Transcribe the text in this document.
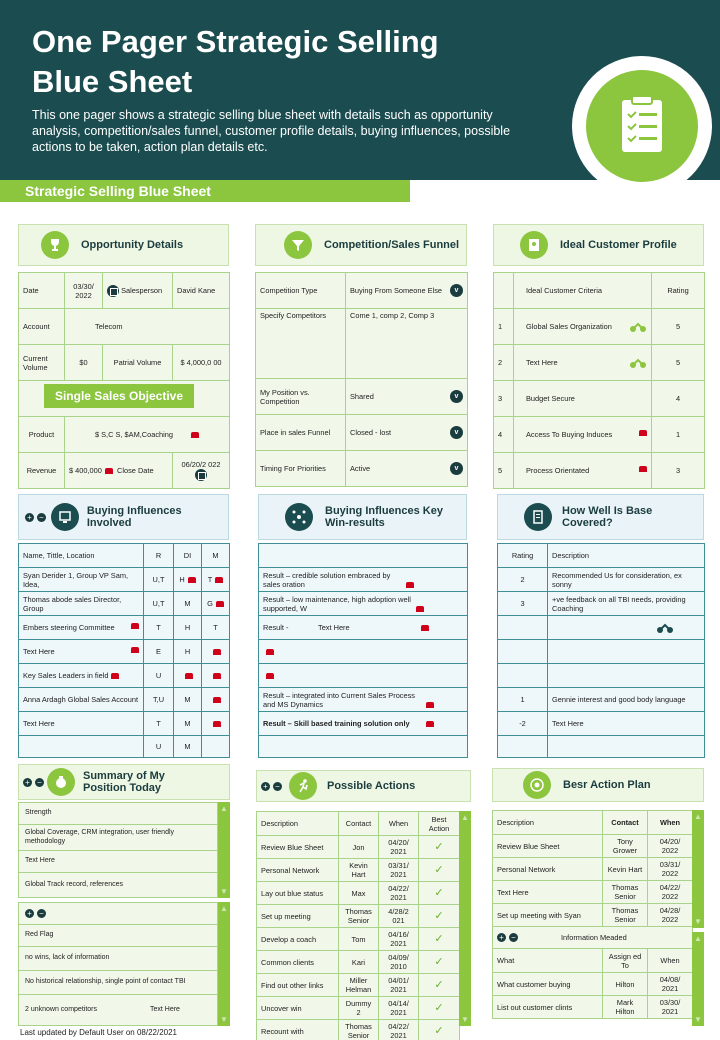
One Pager Strategic Selling Blue Sheet
This one pager shows a strategic selling blue sheet with details such as opportunity analysis, competition/sales funnel, customer profile details, buying influences, possible actions to be taken, action plan details etc.
Strategic Selling Blue Sheet
Opportunity Details
Date	03/30/ 2022	Salesperson	David Kane
Account	Telecom		
Current Volume	$0	Patrial Volume	$ 4,000,0 00

Product	$ S,C S, $AM,Coaching		
Revenue	$ 400,000 Close Date		06/20/2 022
Single Sales Objective
Competition/Sales Funnel
Competition Type	Buying From Someone Else v

Specify Competitors	Come 1, comp 2, Comp 3
My Position vs. Competition	Shared v

Place in sales Funnel	Closed - lost v

Timing For Priorities	Active v
Ideal Customer Profile
	Ideal Customer Criteria	Rating
1	Global Sales Organization	5
2	Text Here	5
3	Budget Secure	4
4	Access To Buying Induces	1
5	Process Orientated	3
+ −	Buying Influences Involved
Name, Tittle, Location	R	DI	M
Syan Derider 1, Group VP Sam, Idea,	U,T	H	T
Thomas abode sales Director, Group	U,T	M	G
Embers steering Committee	T	H	T
Text Here	E	H	
Key Sales Leaders in field	U		
Anna Ardagh Global Sales Account	T,U	M	
Text Here	T	M	
	U	M	
Buying Influences Key Win-results

Result – credible solution embraced by sales oration
Result – low maintenance, high adoption well supported, W
Result -	Text Here

Result – integrated into Current Sales Process and MS Dynamics
Result – Skill based training solution only

How Well Is Base Covered?
Rating	Description
2	Recommended Us for consideration, ex sonny
3	+ve feedback on all TBI needs, providing Coaching

1	Gennie interest and good body language
-2	Text Here

+ −	Summary of My Position Today
Strength
Global Coverage, CRM integration, user friendly methodology
Text Here
Global Track record, references
▲ ▼
+ −
Red Flag
no wins, lack of information
No historical relationship, single point of contact TBI
2 unknown competitors	Text Here
▲ ▼
+ −	Possible Actions
Description	Contact	When	Best Action
Review Blue Sheet	Jon	04/20/ 2021	✓
Personal Network	Kevin Hart	03/31/ 2021	✓
Lay out blue status	Max	04/22/ 2021	✓
Set up meeting	Thomas Senior	4/28/2 021	✓
Develop a coach	Tom	04/16/ 2021	✓
Common clients	Kari	04/09/ 2010	✓
Find out other links	Miller Helman	04/01/ 2021	✓
Uncover win	Dummy 2	04/14/ 2021	✓
Recount with	Thomas Senior	04/22/ 2021	✓
▲ ▼
Besr Action Plan
Description	Contact	When
Review Blue Sheet	Tony Grower	04/20/ 2022
Personal Network	Kevin Hart	03/31/ 2022
Text Here	Thomas Senior	04/22/ 2022
Set up meeting with Syan	Thomas Senior	04/28/ 2022
+ − Information Meaded		
What	Assign ed To	When
What customer buying	Hilton	04/08/ 2021
List out customer clints	Mark Hilton	03/30/ 2021
▲ ▼
▲ ▼
Last updated by Default User on 08/22/2021
